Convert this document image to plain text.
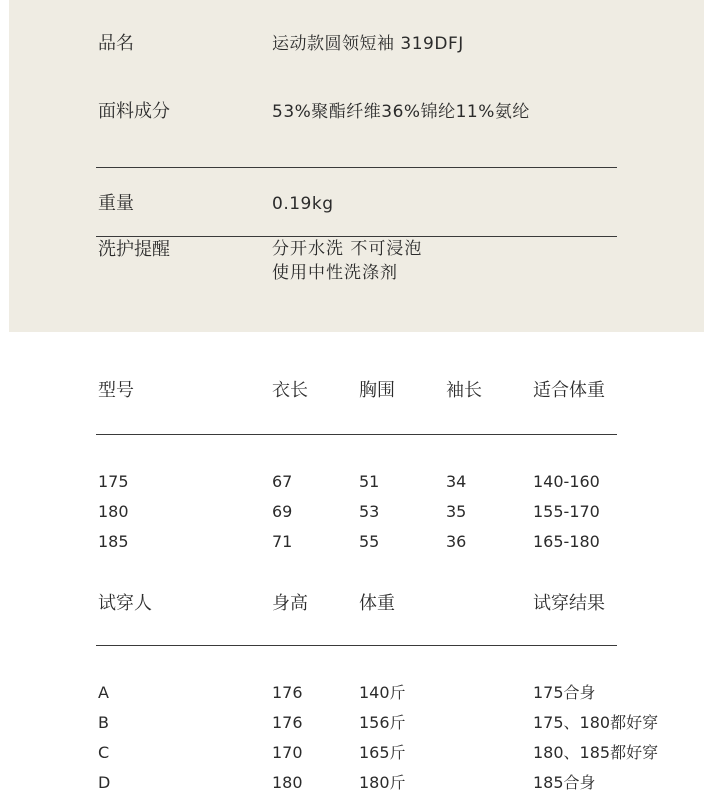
品名	运动款圆领短袖 319DFJ
面料成分	53%聚酯纤维36%锦纶11%氨纶
重量	0.19kg
洗护提醒	分开水洗 不可浸泡
使用中性洗涤剂
型号	衣长	胸围	袖长	适合体重
175	67	51	34	140-160
180	69	53	35	155-170
185	71	55	36	165-180
试穿人	身高	体重	试穿结果
A	176	140斤	175合身
B	176	156斤	175、180都好穿
C	170	165斤	180、185都好穿
D	180	180斤	185合身
